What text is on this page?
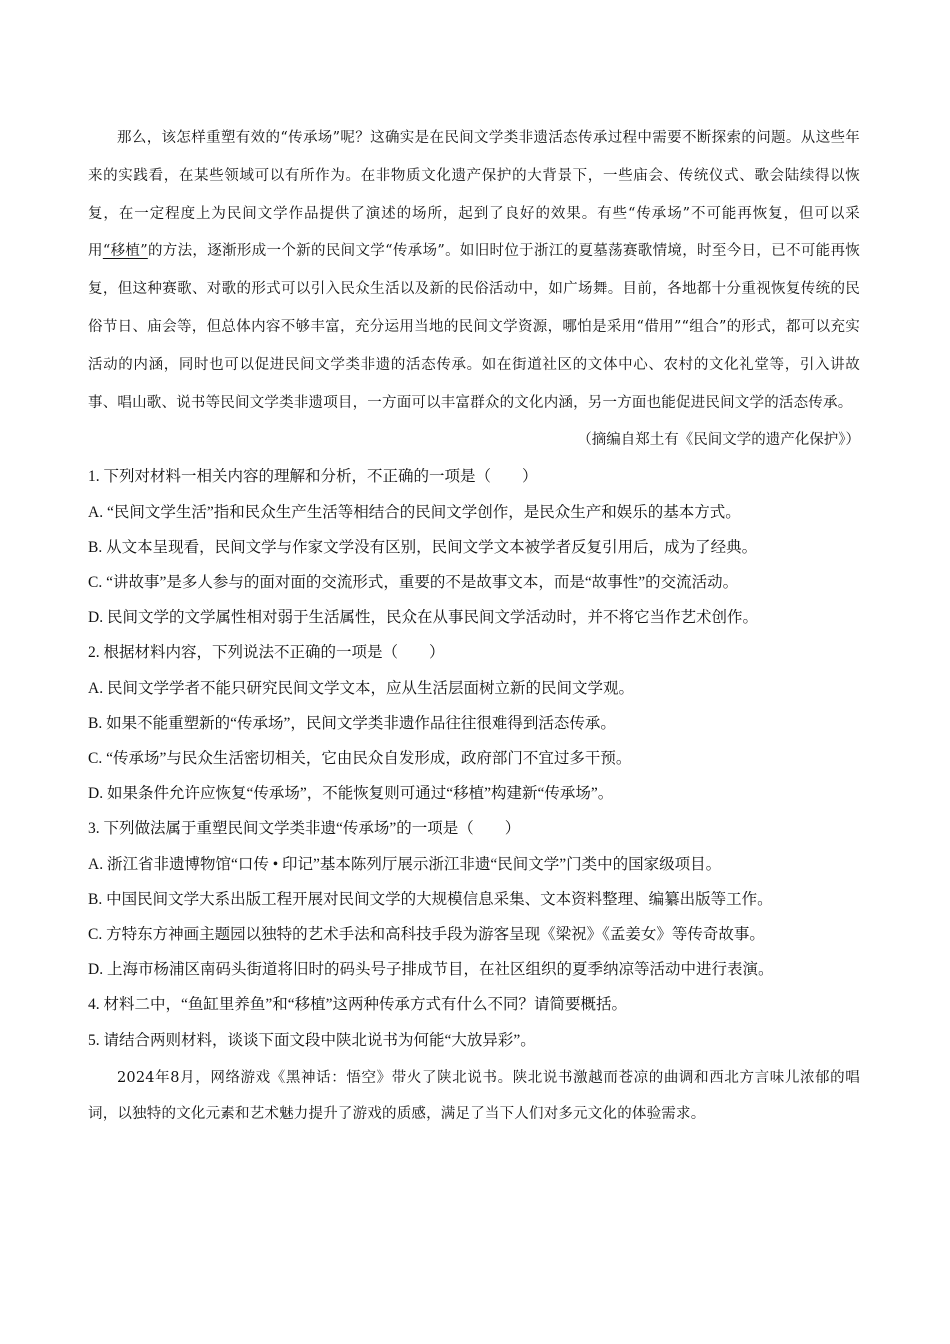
那么，该怎样重塑有效的“传承场”呢？这确实是在民间文学类非遗活态传承过程中需要不断探索的问题。从这些年来的实践看，在某些领域可以有所作为。在非物质文化遗产保护的大背景下，一些庙会、传统仪式、歌会陆续得以恢复，在一定程度上为民间文学作品提供了演述的场所，起到了良好的效果。有些“传承场”不可能再恢复，但可以采用“移植”的方法，逐渐形成一个新的民间文学“传承场”。如旧时位于浙江的夏墓荡赛歌情境，时至今日，已不可能再恢复，但这种赛歌、对歌的形式可以引入民众生活以及新的民俗活动中，如广场舞。目前，各地都十分重视恢复传统的民俗节日、庙会等，但总体内容不够丰富，充分运用当地的民间文学资源，哪怕是采用“借用”“组合”的形式，都可以充实活动的内涵，同时也可以促进民间文学类非遗的活态传承。如在街道社区的文体中心、农村的文化礼堂等，引入讲故事、唱山歌、说书等民间文学类非遗项目，一方面可以丰富群众的文化内涵，另一方面也能促进民间文学的活态传承。

（摘编自郑土有《民间文学的遗产化保护》）

1. 下列对材料一相关内容的理解和分析，不正确的一项是（　　）

A. “民间文学生活”指和民众生产生活等相结合的民间文学创作，是民众生产和娱乐的基本方式。

B. 从文本呈现看，民间文学与作家文学没有区别，民间文学文本被学者反复引用后，成为了经典。

C. “讲故事”是多人参与的面对面的交流形式，重要的不是故事文本，而是“故事性”的交流活动。

D. 民间文学的文学属性相对弱于生活属性，民众在从事民间文学活动时，并不将它当作艺术创作。

2. 根据材料内容，下列说法不正确的一项是（　　）

A. 民间文学学者不能只研究民间文学文本，应从生活层面树立新的民间文学观。

B. 如果不能重塑新的“传承场”，民间文学类非遗作品往往很难得到活态传承。

C. “传承场”与民众生活密切相关，它由民众自发形成，政府部门不宜过多干预。

D. 如果条件允许应恢复“传承场”，不能恢复则可通过“移植”构建新“传承场”。

3. 下列做法属于重塑民间文学类非遗“传承场”的一项是（　　）

A. 浙江省非遗博物馆“口传 • 印记”基本陈列厅展示浙江非遗“民间文学”门类中的国家级项目。

B. 中国民间文学大系出版工程开展对民间文学的大规模信息采集、文本资料整理、编纂出版等工作。

C. 方特东方神画主题园以独特的艺术手法和高科技手段为游客呈现《梁祝》《孟姜女》等传奇故事。

D. 上海市杨浦区南码头街道将旧时的码头号子排成节目，在社区组织的夏季纳凉等活动中进行表演。

4. 材料二中，“鱼缸里养鱼”和“移植”这两种传承方式有什么不同？请简要概括。

5. 请结合两则材料，谈谈下面文段中陕北说书为何能“大放异彩”。

2024年8月，网络游戏《黑神话：悟空》带火了陕北说书。陕北说书激越而苍凉的曲调和西北方言味儿浓郁的唱词，以独特的文化元素和艺术魅力提升了游戏的质感，满足了当下人们对多元文化的体验需求。
